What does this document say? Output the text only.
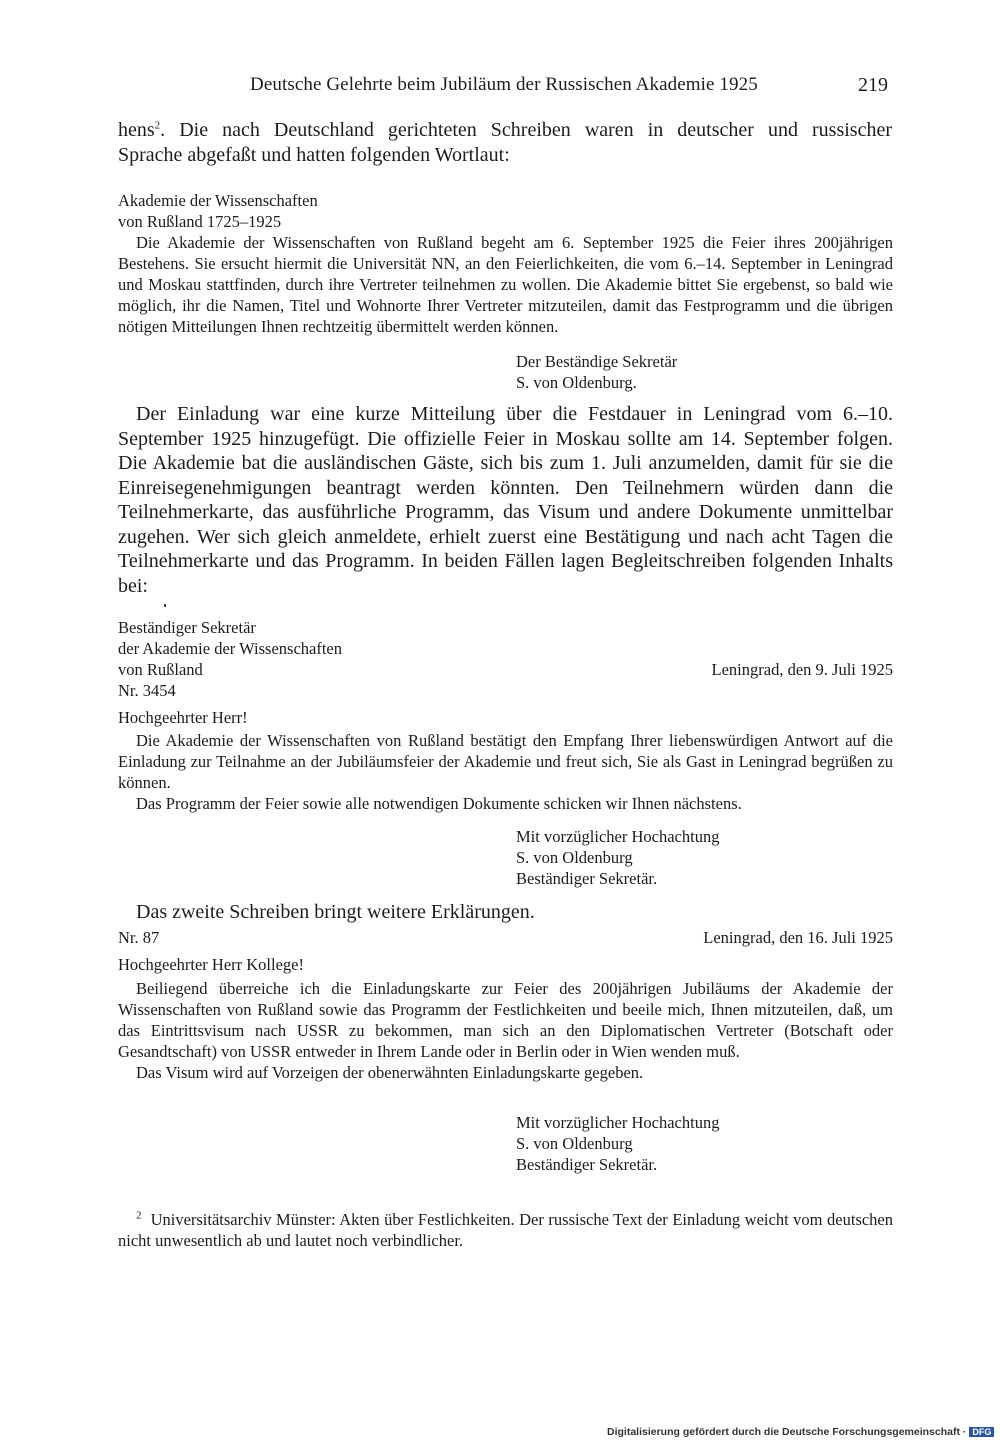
Deutsche Gelehrte beim Jubiläum der Russischen Akademie 1925	219

hens$^2$. Die nach Deutschland gerichteten Schreiben waren in deutscher und russischer

Sprache abgefaßt und hatten folgenden Wortlaut:

Akademie der Wissenschaften

von Rußland 1725–1925

Die Akademie der Wissenschaften von Rußland begeht am 6. September 1925 die Feier ihres 200jährigen Bestehens. Sie ersucht hiermit die Universität NN, an den Feierlichkeiten, die vom 6.–14. September in Leningrad und Moskau stattfinden, durch ihre Vertreter teilnehmen zu wollen. Die Akademie bittet Sie ergebenst, so bald wie möglich, ihr die Namen, Titel und Wohnorte Ihrer Vertreter mitzuteilen, damit das Festprogramm und die übrigen nötigen Mitteilungen Ihnen rechtzeitig übermittelt werden können.

Der Beständige Sekretär

S. von Oldenburg.

Der Einladung war eine kurze Mitteilung über die Festdauer in Leningrad vom 6.–10. September 1925 hinzugefügt. Die offizielle Feier in Moskau sollte am 14. September folgen. Die Akademie bat die ausländischen Gäste, sich bis zum 1. Juli anzumelden, damit für sie die Einreisegenehmigungen beantragt werden könnten. Den Teilnehmern würden dann die Teilnehmerkarte, das ausführliche Programm, das Visum und andere Dokumente unmittelbar zugehen. Wer sich gleich anmeldete, erhielt zuerst eine Bestätigung und nach acht Tagen die Teilnehmerkarte und das Programm. In beiden Fällen lagen Begleitschreiben folgenden Inhalts bei:

Beständiger Sekretär

der Akademie der Wissenschaften

von Rußland

Nr. 3454

Leningrad, den 9. Juli 1925

Hochgeehrter Herr!

Die Akademie der Wissenschaften von Rußland bestätigt den Empfang Ihrer liebenswürdigen Antwort auf die Einladung zur Teilnahme an der Jubiläumsfeier der Akademie und freut sich, Sie als Gast in Leningrad begrüßen zu können.

Das Programm der Feier sowie alle notwendigen Dokumente schicken wir Ihnen nächstens.

Mit vorzüglicher Hochachtung

S. von Oldenburg

Beständiger Sekretär.

Das zweite Schreiben bringt weitere Erklärungen.
Nr. 87	Leningrad, den 16. Juli 1925

Hochgeehrter Herr Kollege!

Beiliegend überreiche ich die Einladungskarte zur Feier des 200jährigen Jubiläums der Akademie der Wissenschaften von Rußland sowie das Programm der Festlichkeiten und beeile mich, Ihnen mitzuteilen, daß, um das Eintrittsvisum nach USSR zu bekommen, man sich an den Diplomatischen Vertreter (Botschaft oder Gesandtschaft) von USSR entweder in Ihrem Lande oder in Berlin oder in Wien wenden muß.

Das Visum wird auf Vorzeigen der obenerwähnten Einladungskarte gegeben.

Mit vorzüglicher Hochachtung

S. von Oldenburg

Beständiger Sekretär.

$^2$ Universitätsarchiv Münster: Akten über Festlichkeiten. Der russische Text der Einladung weicht vom deutschen nicht unwesentlich ab und lautet noch verbindlicher.

Digitalisierung gefördert durch die Deutsche Forschungsgemeinschaft · DFG
